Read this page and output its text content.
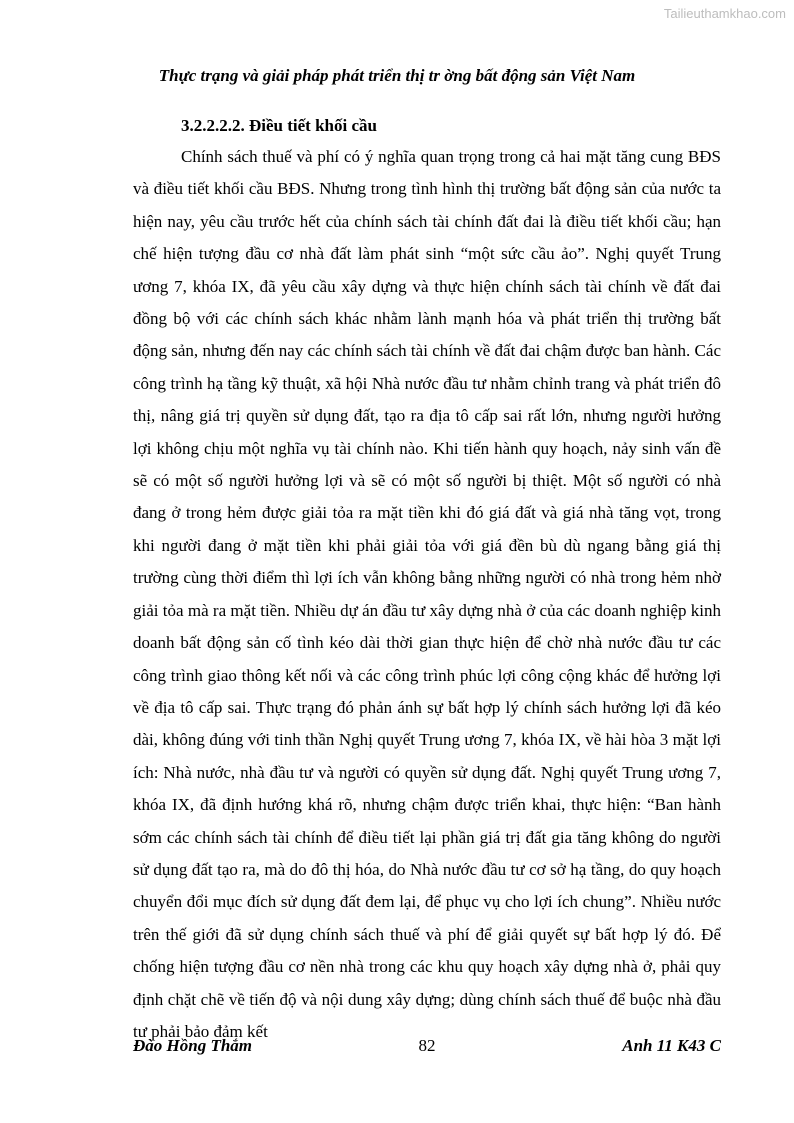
Tailieuthamkhao.com
Thực trạng và giải pháp phát triển thị tr ờng bất động sản Việt Nam
3.2.2.2.2. Điều tiết khối cầu

Chính sách thuế và phí có ý nghĩa quan trọng trong cả hai mặt tăng cung BĐS và điều tiết khối cầu BĐS. Nhưng trong tình hình thị trường bất động sản của nước ta hiện nay, yêu cầu trước hết của chính sách tài chính đất đai là điều tiết khối cầu; hạn chế hiện tượng đầu cơ nhà đất làm phát sinh “một sức cầu ảo”. Nghị quyết Trung ương 7, khóa IX, đã yêu cầu xây dựng và thực hiện chính sách tài chính về đất đai đồng bộ với các chính sách khác nhằm lành mạnh hóa và phát triển thị trường bất động sản, nhưng đến nay các chính sách tài chính về đất đai chậm được ban hành. Các công trình hạ tầng kỹ thuật, xã hội Nhà nước đầu tư nhằm chỉnh trang và phát triển đô thị, nâng giá trị quyền sử dụng đất, tạo ra địa tô cấp sai rất lớn, nhưng người hưởng lợi không chịu một nghĩa vụ tài chính nào. Khi tiến hành quy hoạch, nảy sinh vấn đề sẽ có một số người hưởng lợi và sẽ có một số người bị thiệt. Một số người có nhà đang ở trong hẻm được giải tỏa ra mặt tiền khi đó giá đất và giá nhà tăng vọt, trong khi người đang ở mặt tiền khi phải giải tỏa với giá đền bù dù ngang bằng giá thị trường cùng thời điểm thì lợi ích vẫn không bằng những người có nhà trong hẻm nhờ giải tỏa mà ra mặt tiền. Nhiều dự án đầu tư xây dựng nhà ở của các doanh nghiệp kinh doanh bất động sản cố tình kéo dài thời gian thực hiện để chờ nhà nước đầu tư các công trình giao thông kết nối và các công trình phúc lợi công cộng khác để hưởng lợi về địa tô cấp sai. Thực trạng đó phản ánh sự bất hợp lý chính sách hưởng lợi đã kéo dài, không đúng với tinh thần Nghị quyết Trung ương 7, khóa IX, về hài hòa 3 mặt lợi ích: Nhà nước, nhà đầu tư và người có quyền sử dụng đất. Nghị quyết Trung ương 7, khóa IX, đã định hướng khá rõ, nhưng chậm được triển khai, thực hiện: “Ban hành sớm các chính sách tài chính để điều tiết lại phần giá trị đất gia tăng không do người sử dụng đất tạo ra, mà do đô thị hóa, do Nhà nước đầu tư cơ sở hạ tầng, do quy hoạch chuyển đổi mục đích sử dụng đất đem lại, để phục vụ cho lợi ích chung”. Nhiều nước trên thế giới đã sử dụng chính sách thuế và phí để giải quyết sự bất hợp lý đó. Để chống hiện tượng đầu cơ nền nhà trong các khu quy hoạch xây dựng nhà ở, phải quy định chặt chẽ về tiến độ và nội dung xây dựng; dùng chính sách thuế để buộc nhà đầu tư phải bảo đảm kết

Đào Hồng Thắm	82	Anh 11 K43 C
